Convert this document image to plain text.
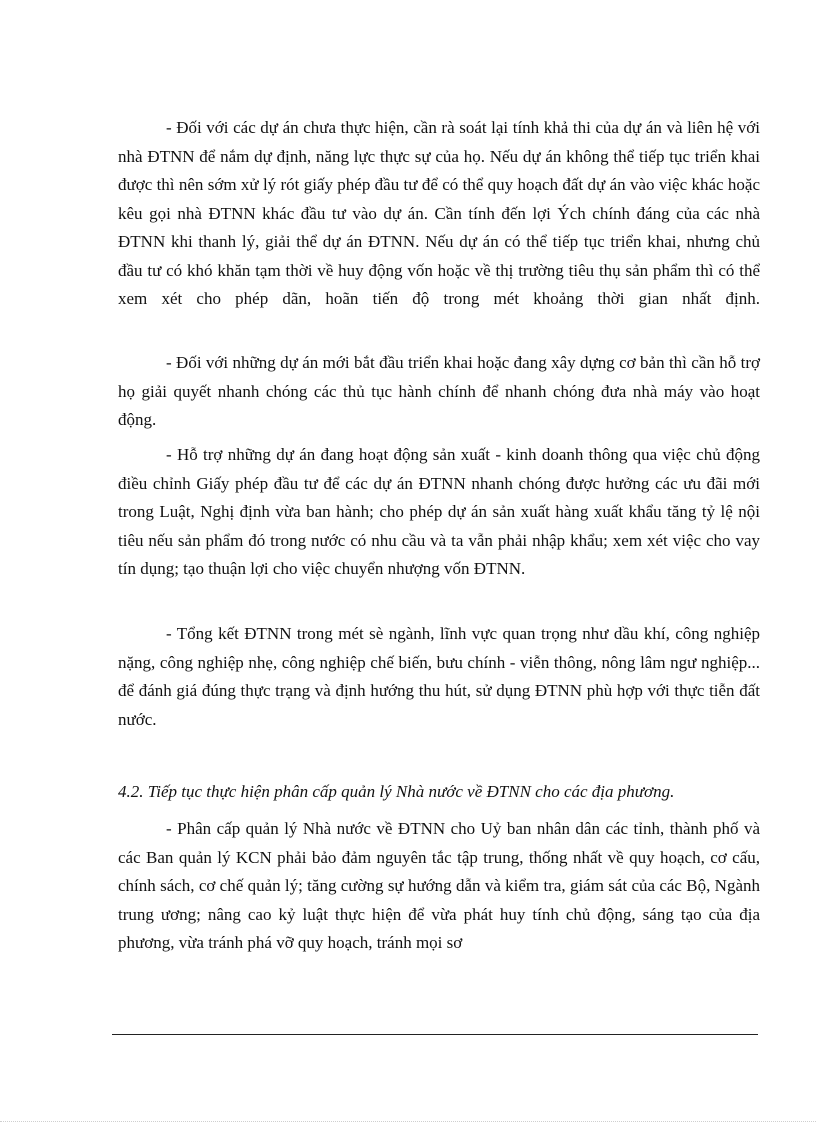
- Đối với các dự án chưa thực hiện, cần rà soát lại tính khả thi của dự án và liên hệ với nhà ĐTNN để nắm dự định, năng lực thực sự của họ. Nếu dự án không thể tiếp tục triển khai được thì nên sớm xử lý rót giấy phép đầu tư để có thể quy hoạch đất dự án vào việc khác hoặc kêu gọi nhà ĐTNN khác đầu tư vào dự án. Cần tính đến lợi Ých chính đáng của các nhà ĐTNN khi thanh lý, giải thể dự án ĐTNN. Nếu dự án có thể tiếp tục triển khai, nhưng chủ đầu tư có khó khăn tạm thời về huy động vốn hoặc về thị trường tiêu thụ sản phẩm thì có thể xem xét cho phép dãn, hoãn tiến độ trong mét khoảng thời gian nhất định.

- Đối với những dự án mới bắt đầu triển khai hoặc đang xây dựng cơ bản thì cần hỗ trợ họ giải quyết nhanh chóng các thủ tục hành chính để nhanh chóng đưa nhà máy vào hoạt động.

- Hỗ trợ những dự án đang hoạt động sản xuất - kinh doanh thông qua việc chủ động điều chỉnh Giấy phép đầu tư để các dự án ĐTNN nhanh chóng được hưởng các ưu đãi mới trong Luật, Nghị định vừa ban hành; cho phép dự án sản xuất hàng xuất khẩu tăng tỷ lệ nội tiêu nếu sản phẩm đó trong nước có nhu cầu và ta vẫn phải nhập khẩu; xem xét việc cho vay tín dụng; tạo thuận lợi cho việc chuyển nhượng vốn ĐTNN.

- Tổng kết ĐTNN trong mét sè ngành, lĩnh vực quan trọng như dầu khí, công nghiệp nặng, công nghiệp nhẹ, công nghiệp chế biến, bưu chính - viễn thông, nông lâm ngư nghiệp... để đánh giá đúng thực trạng và định hướng thu hút, sử dụng ĐTNN phù hợp với thực tiễn đất nước.

4.2. Tiếp tục thực hiện phân cấp quản lý Nhà nước về ĐTNN cho các địa phương.

- Phân cấp quản lý Nhà nước về ĐTNN cho Uỷ ban nhân dân các tỉnh, thành phố và các Ban quản lý KCN phải bảo đảm nguyên tắc tập trung, thống nhất về quy hoạch, cơ cấu, chính sách, cơ chế quản lý; tăng cường sự hướng dẫn và kiểm tra, giám sát của các Bộ, Ngành trung ương; nâng cao kỷ luật thực hiện để vừa phát huy tính chủ động, sáng tạo của địa phương, vừa tránh phá vỡ quy hoạch, tránh mọi sơ
